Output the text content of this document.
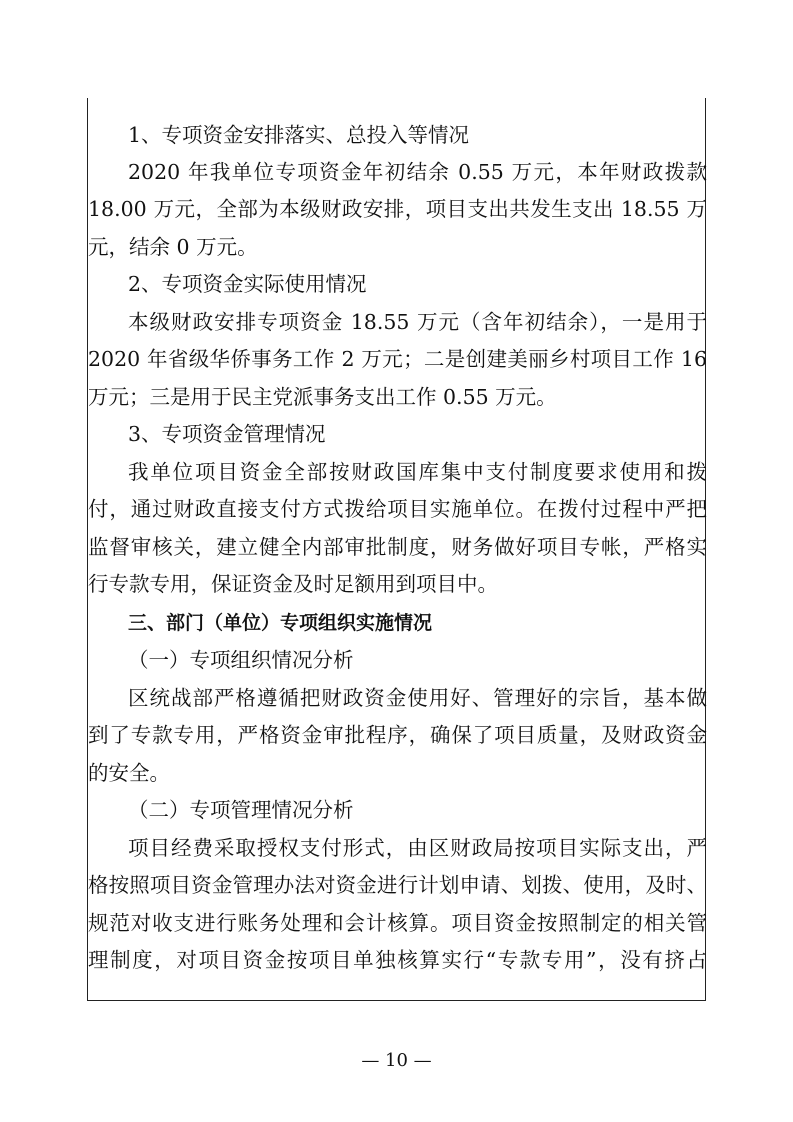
1、专项资金安排落实、总投入等情况
2020 年我单位专项资金年初结余 0.55 万元，本年财政拨款
18.00 万元，全部为本级财政安排，项目支出共发生支出 18.55 万
元，结余 0 万元。
2、专项资金实际使用情况
本级财政安排专项资金 18.55 万元（含年初结余），一是用于
2020 年省级华侨事务工作 2 万元；二是创建美丽乡村项目工作 16
万元；三是用于民主党派事务支出工作 0.55 万元。
3、专项资金管理情况
我单位项目资金全部按财政国库集中支付制度要求使用和拨
付，通过财政直接支付方式拨给项目实施单位。在拨付过程中严把
监督审核关，建立健全内部审批制度，财务做好项目专帐，严格实
行专款专用，保证资金及时足额用到项目中。
三、部门（单位）专项组织实施情况
（一）专项组织情况分析
区统战部严格遵循把财政资金使用好、管理好的宗旨，基本做
到了专款专用，严格资金审批程序，确保了项目质量，及财政资金
的安全。
（二）专项管理情况分析
项目经费采取授权支付形式，由区财政局按项目实际支出，严
格按照项目资金管理办法对资金进行计划申请、划拨、使用，及时、
规范对收支进行账务处理和会计核算。项目资金按照制定的相关管
理制度，对项目资金按项目单独核算实行“专款专用”，没有挤占
— 10 —
